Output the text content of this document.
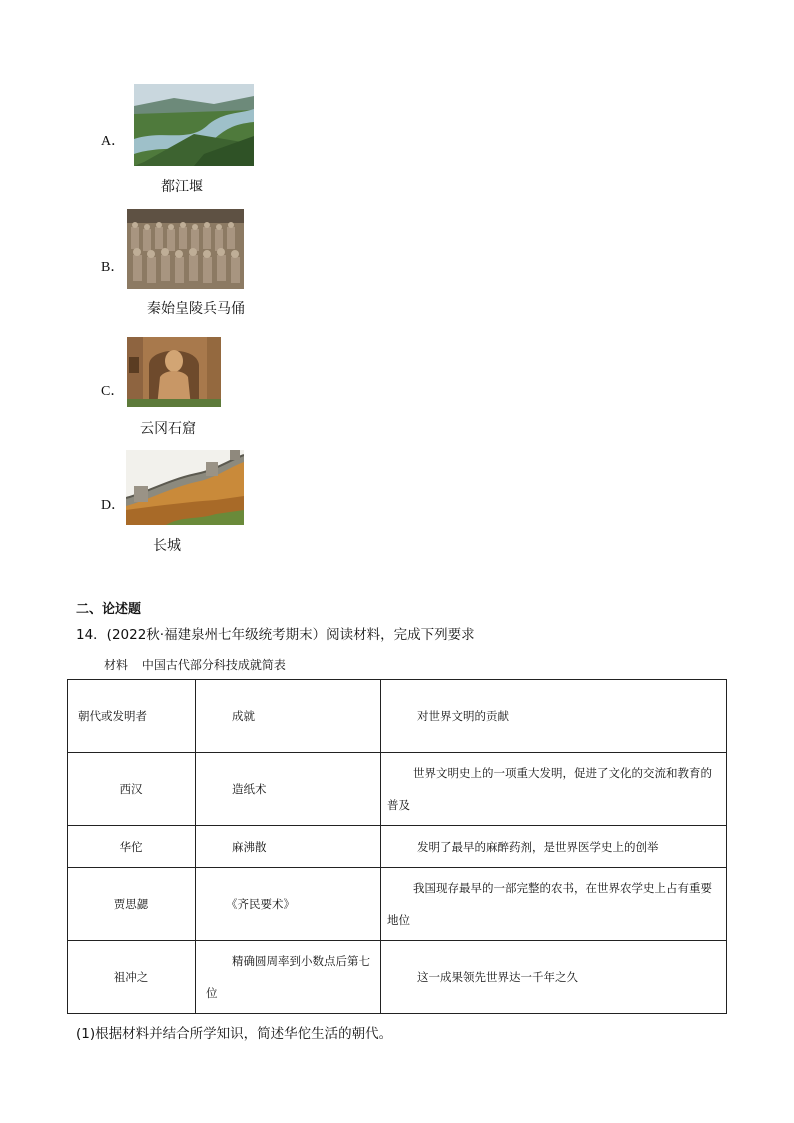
A．
都江堰
B．
秦始皇陵兵马俑
C．
云冈石窟
D．
长城
二、论述题
14．(2022秋·福建泉州七年级统考期末）阅读材料，完成下列要求
材料 中国古代部分科技成就简表
朝代或发明者	成就	对世界文明的贡献
西汉	造纸术	世界文明史上的一项重大发明，促进了文化的交流和教育的普及

华佗	麻沸散	发明了最早的麻醉药剂，是世界医学史上的创举
贾思勰	《齐民要术》	我国现存最早的一部完整的农书，在世界农学史上占有重要地位

祖冲之	精确圆周率到小数点后第七位	这一成果领先世界达一千年之久
(1)根据材料并结合所学知识，简述华佗生活的朝代。
